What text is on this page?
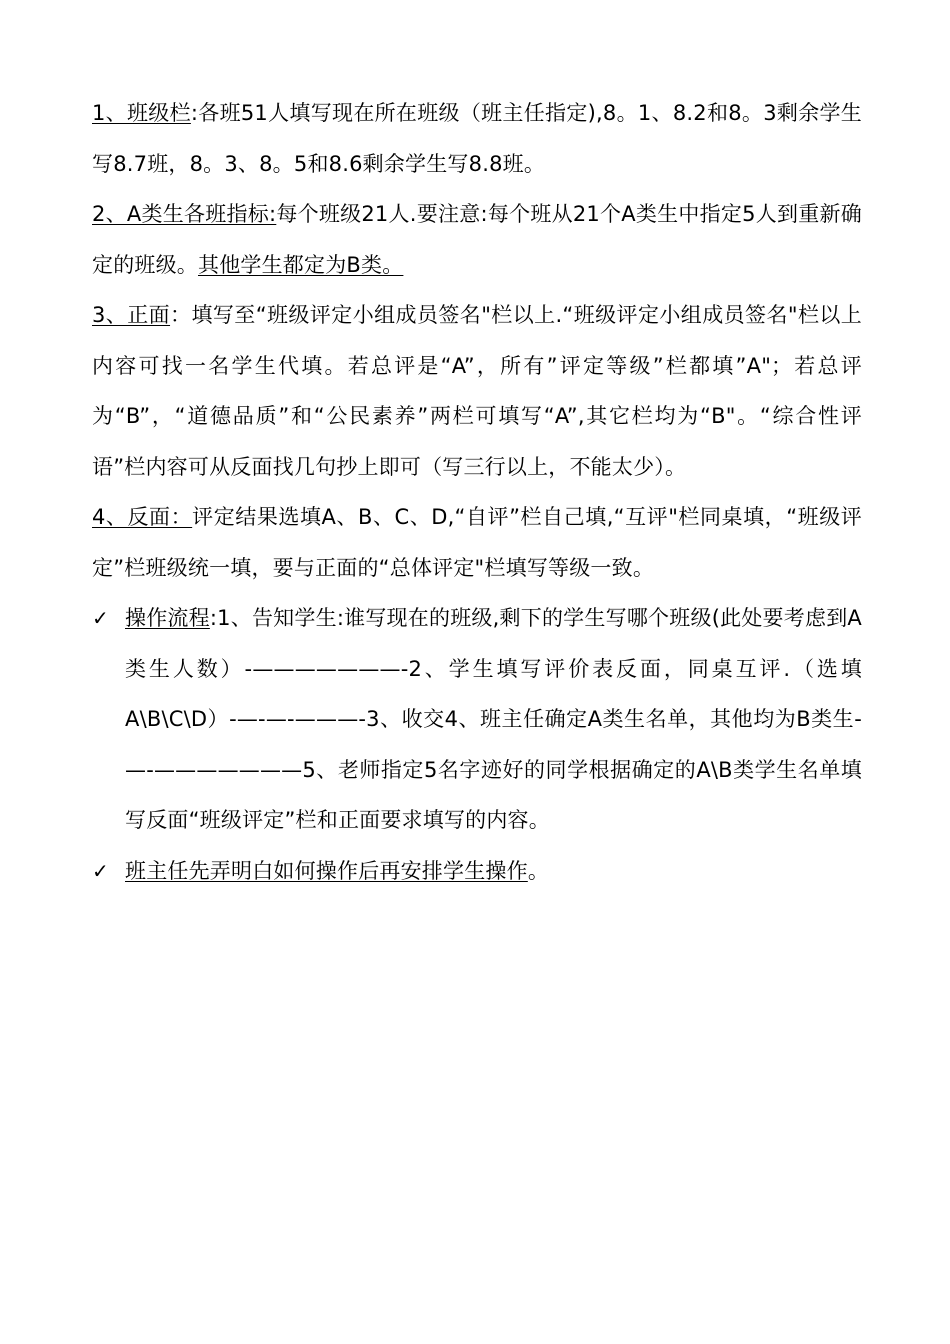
1、班级栏:各班51人填写现在所在班级（班主任指定),8。1、8.2和8。3剩余学生写8.7班，8。3、8。5和8.6剩余学生写8.8班。

2、A类生各班指标:每个班级21人.要注意:每个班从21个A类生中指定5人到重新确定的班级。其他学生都定为B类。

3、正面：填写至“班级评定小组成员签名"栏以上.“班级评定小组成员签名"栏以上内容可找一名学生代填。若总评是“A”，所有”评定等级”栏都填”A"；若总评为“B”，“道德品质”和“公民素养”两栏可填写“A”,其它栏均为“B"。“综合性评语”栏内容可从反面找几句抄上即可（写三行以上，不能太少）。

4、反面：评定结果选填A、B、C、D,“自评”栏自己填,“互评"栏同桌填，“班级评定”栏班级统一填，要与正面的“总体评定"栏填写等级一致。

✓ 操作流程:1、告知学生:谁写现在的班级,剩下的学生写哪个班级(此处要考虑到A类生人数）-———————-2、学生填写评价表反面，同桌互评.（选填A\B\C\D）-—-—-———-3、收交4、班主任确定A类生名单，其他均为B类生-—-———————5、老师指定5名字迹好的同学根据确定的A\B类学生名单填写反面“班级评定”栏和正面要求填写的内容。

✓ 班主任先弄明白如何操作后再安排学生操作。
